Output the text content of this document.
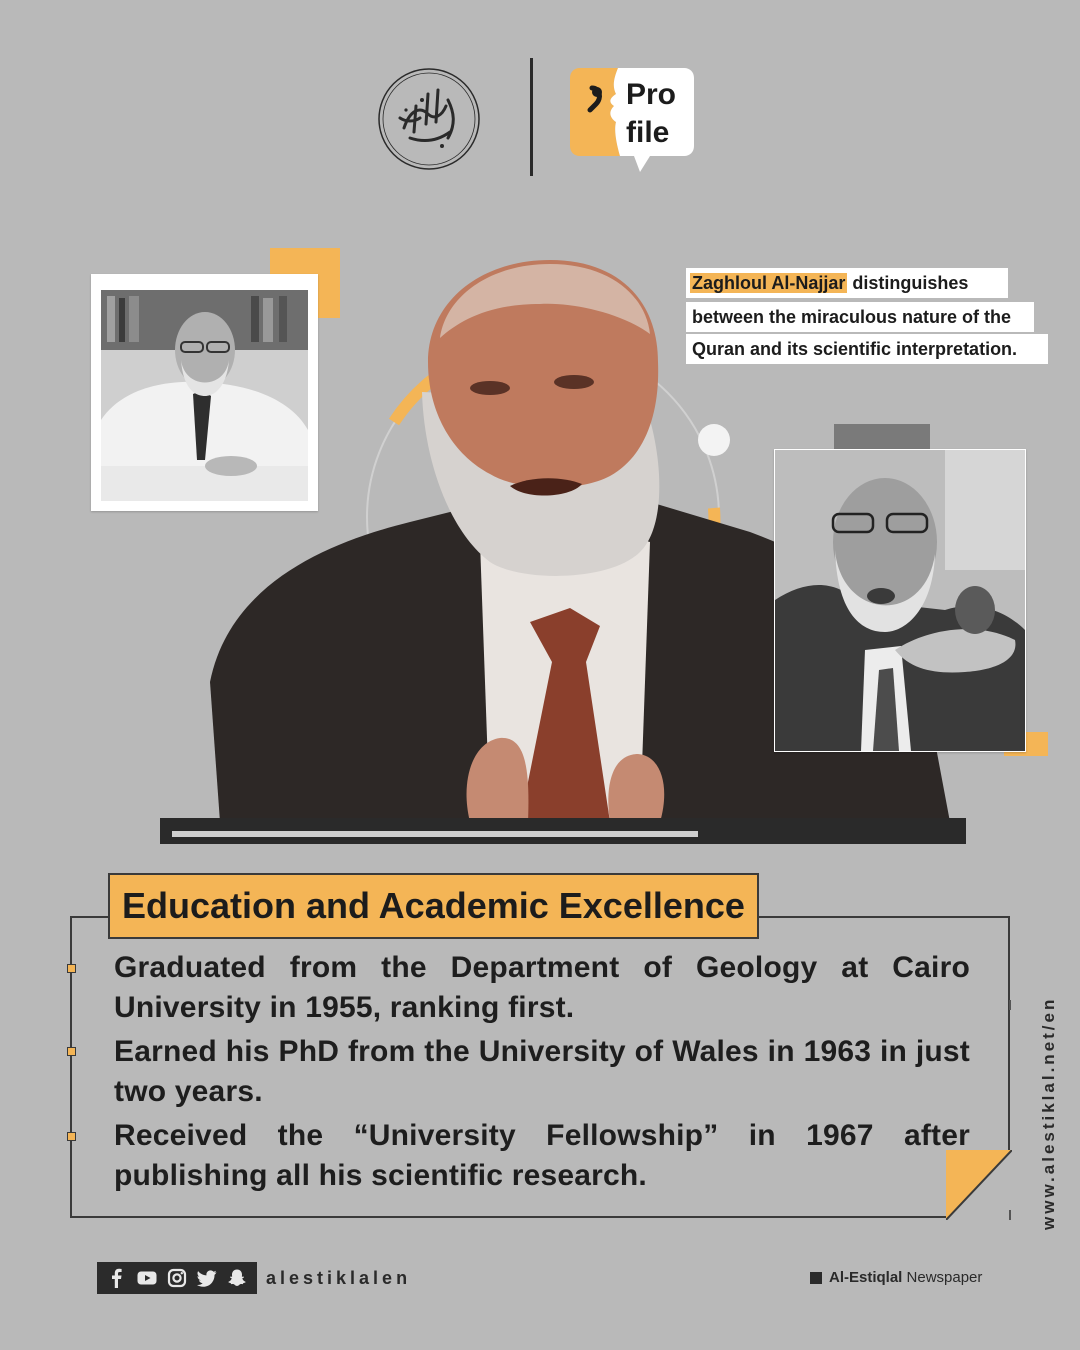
Pro

file

Zaghloul Al-Najjar distinguishes
between the miraculous nature of the
Quran and its scientific interpretation.
Education and Academic Excellence
Graduated from the Department of Geology at Cairo University in 1955, ranking first.
Earned his PhD from the University of Wales in 1963 in just two years.
Received the “University Fellowship” in 1967 after publishing all his scientific research.	www.alestiklal.net/en
alestiklalen	Al-Estiqlal Newspaper
